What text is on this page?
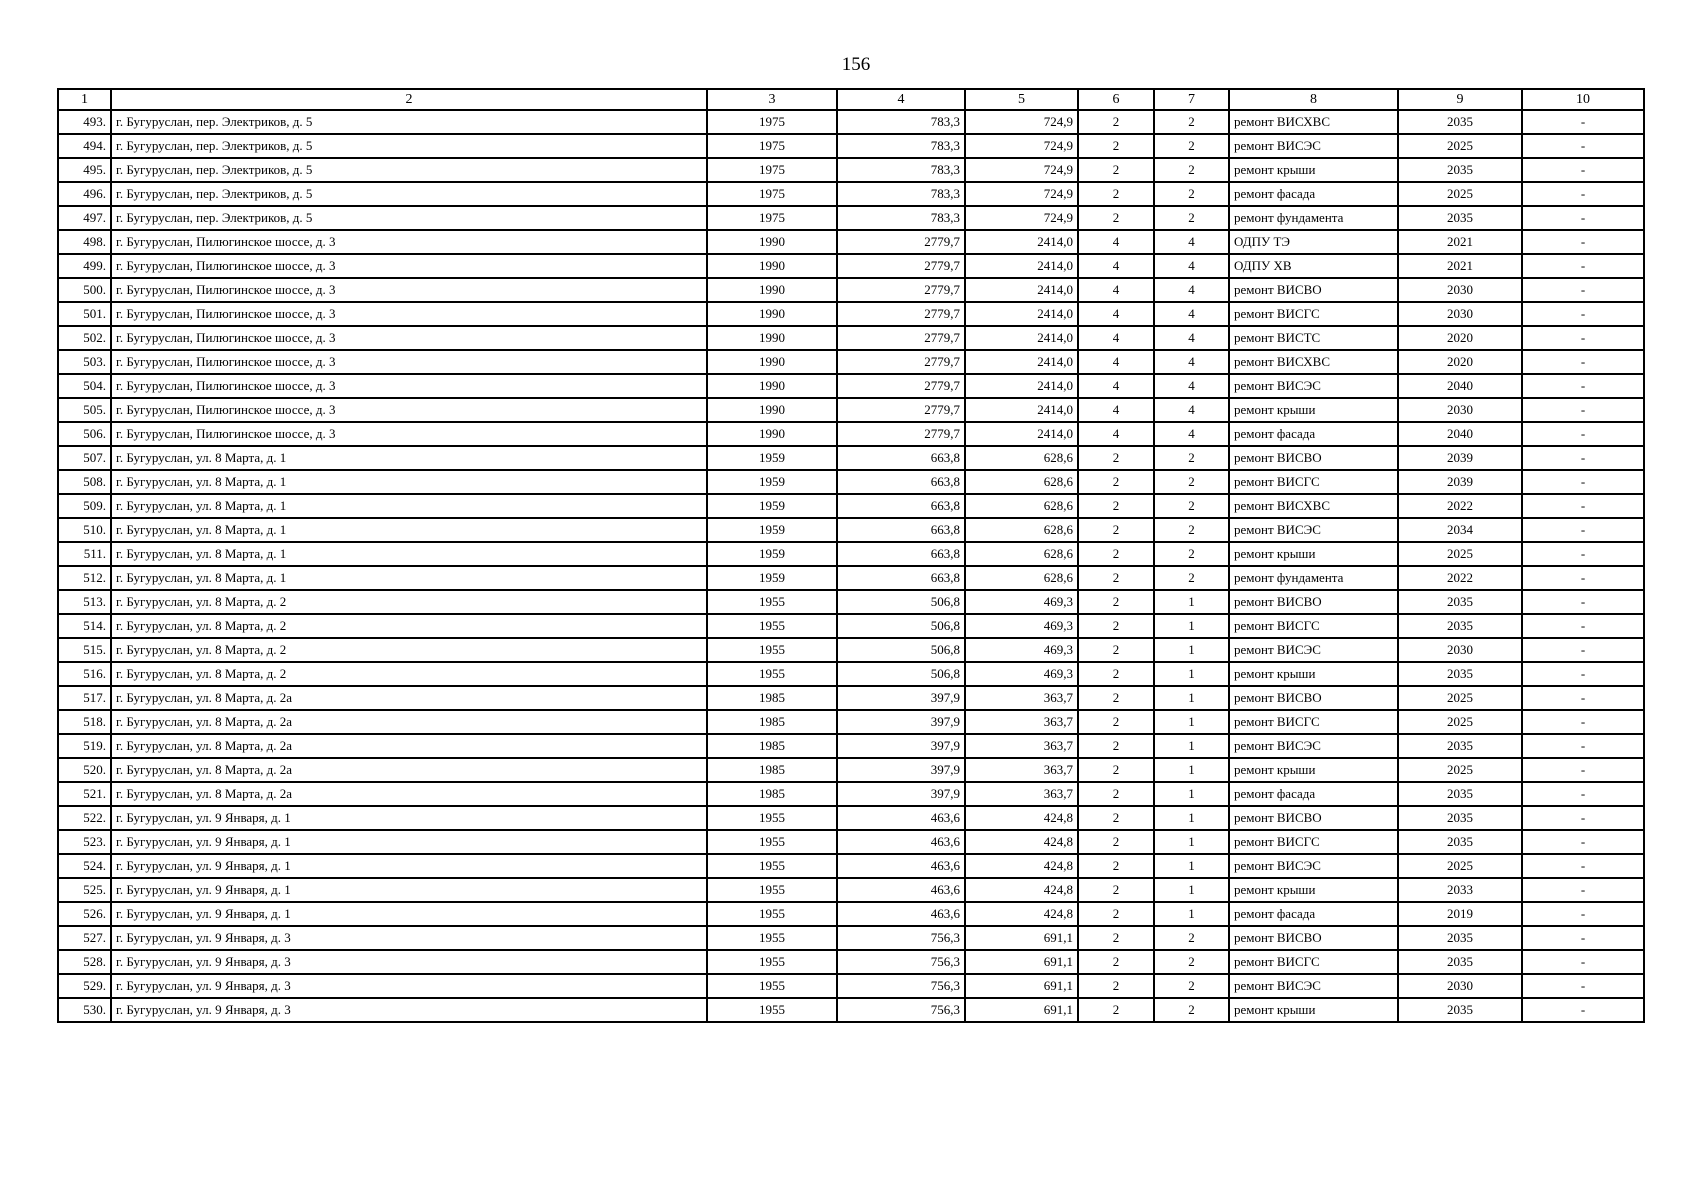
156
1	2	3	4	5	6	7	8	9	10
493.	г. Бугуруслан, пер. Электриков, д. 5	1975	783,3	724,9	2	2	ремонт ВИСХВС	2035	-
494.	г. Бугуруслан, пер. Электриков, д. 5	1975	783,3	724,9	2	2	ремонт ВИСЭС	2025	-
495.	г. Бугуруслан, пер. Электриков, д. 5	1975	783,3	724,9	2	2	ремонт крыши	2035	-
496.	г. Бугуруслан, пер. Электриков, д. 5	1975	783,3	724,9	2	2	ремонт фасада	2025	-
497.	г. Бугуруслан, пер. Электриков, д. 5	1975	783,3	724,9	2	2	ремонт фундамента	2035	-
498.	г. Бугуруслан, Пилюгинское шоссе, д. 3	1990	2779,7	2414,0	4	4	ОДПУ ТЭ	2021	-
499.	г. Бугуруслан, Пилюгинское шоссе, д. 3	1990	2779,7	2414,0	4	4	ОДПУ ХВ	2021	-
500.	г. Бугуруслан, Пилюгинское шоссе, д. 3	1990	2779,7	2414,0	4	4	ремонт ВИСВО	2030	-
501.	г. Бугуруслан, Пилюгинское шоссе, д. 3	1990	2779,7	2414,0	4	4	ремонт ВИСГС	2030	-
502.	г. Бугуруслан, Пилюгинское шоссе, д. 3	1990	2779,7	2414,0	4	4	ремонт ВИСТС	2020	-
503.	г. Бугуруслан, Пилюгинское шоссе, д. 3	1990	2779,7	2414,0	4	4	ремонт ВИСХВС	2020	-
504.	г. Бугуруслан, Пилюгинское шоссе, д. 3	1990	2779,7	2414,0	4	4	ремонт ВИСЭС	2040	-
505.	г. Бугуруслан, Пилюгинское шоссе, д. 3	1990	2779,7	2414,0	4	4	ремонт крыши	2030	-
506.	г. Бугуруслан, Пилюгинское шоссе, д. 3	1990	2779,7	2414,0	4	4	ремонт фасада	2040	-
507.	г. Бугуруслан, ул. 8 Марта, д. 1	1959	663,8	628,6	2	2	ремонт ВИСВО	2039	-
508.	г. Бугуруслан, ул. 8 Марта, д. 1	1959	663,8	628,6	2	2	ремонт ВИСГС	2039	-
509.	г. Бугуруслан, ул. 8 Марта, д. 1	1959	663,8	628,6	2	2	ремонт ВИСХВС	2022	-
510.	г. Бугуруслан, ул. 8 Марта, д. 1	1959	663,8	628,6	2	2	ремонт ВИСЭС	2034	-
511.	г. Бугуруслан, ул. 8 Марта, д. 1	1959	663,8	628,6	2	2	ремонт крыши	2025	-
512.	г. Бугуруслан, ул. 8 Марта, д. 1	1959	663,8	628,6	2	2	ремонт фундамента	2022	-
513.	г. Бугуруслан, ул. 8 Марта, д. 2	1955	506,8	469,3	2	1	ремонт ВИСВО	2035	-
514.	г. Бугуруслан, ул. 8 Марта, д. 2	1955	506,8	469,3	2	1	ремонт ВИСГС	2035	-
515.	г. Бугуруслан, ул. 8 Марта, д. 2	1955	506,8	469,3	2	1	ремонт ВИСЭС	2030	-
516.	г. Бугуруслан, ул. 8 Марта, д. 2	1955	506,8	469,3	2	1	ремонт крыши	2035	-
517.	г. Бугуруслан, ул. 8 Марта, д. 2а	1985	397,9	363,7	2	1	ремонт ВИСВО	2025	-
518.	г. Бугуруслан, ул. 8 Марта, д. 2а	1985	397,9	363,7	2	1	ремонт ВИСГС	2025	-
519.	г. Бугуруслан, ул. 8 Марта, д. 2а	1985	397,9	363,7	2	1	ремонт ВИСЭС	2035	-
520.	г. Бугуруслан, ул. 8 Марта, д. 2а	1985	397,9	363,7	2	1	ремонт крыши	2025	-
521.	г. Бугуруслан, ул. 8 Марта, д. 2а	1985	397,9	363,7	2	1	ремонт фасада	2035	-
522.	г. Бугуруслан, ул. 9 Января, д. 1	1955	463,6	424,8	2	1	ремонт ВИСВО	2035	-
523.	г. Бугуруслан, ул. 9 Января, д. 1	1955	463,6	424,8	2	1	ремонт ВИСГС	2035	-
524.	г. Бугуруслан, ул. 9 Января, д. 1	1955	463,6	424,8	2	1	ремонт ВИСЭС	2025	-
525.	г. Бугуруслан, ул. 9 Января, д. 1	1955	463,6	424,8	2	1	ремонт крыши	2033	-
526.	г. Бугуруслан, ул. 9 Января, д. 1	1955	463,6	424,8	2	1	ремонт фасада	2019	-
527.	г. Бугуруслан, ул. 9 Января, д. 3	1955	756,3	691,1	2	2	ремонт ВИСВО	2035	-
528.	г. Бугуруслан, ул. 9 Января, д. 3	1955	756,3	691,1	2	2	ремонт ВИСГС	2035	-
529.	г. Бугуруслан, ул. 9 Января, д. 3	1955	756,3	691,1	2	2	ремонт ВИСЭС	2030	-
530.	г. Бугуруслан, ул. 9 Января, д. 3	1955	756,3	691,1	2	2	ремонт крыши	2035	-
